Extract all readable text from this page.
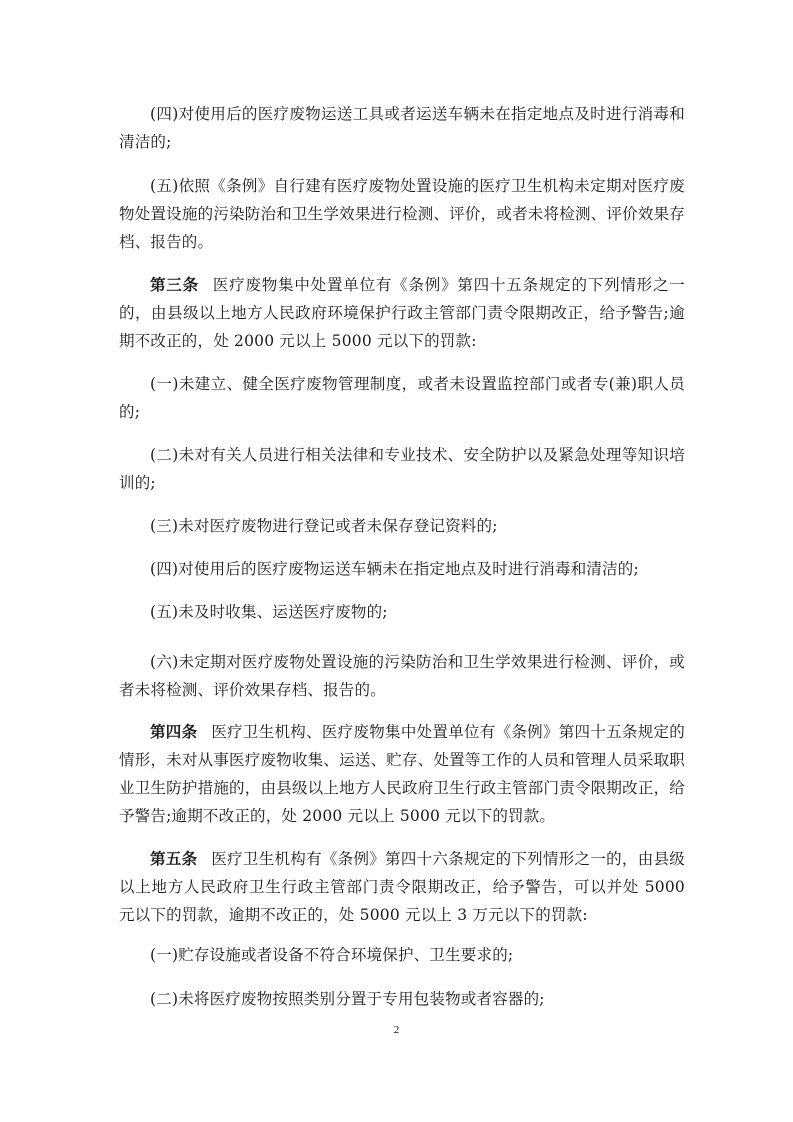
(四)对使用后的医疗废物运送工具或者运送车辆未在指定地点及时进行消毒和清洁的;

(五)依照《条例》自行建有医疗废物处置设施的医疗卫生机构未定期对医疗废物处置设施的污染防治和卫生学效果进行检测、评价，或者未将检测、评价效果存档、报告的。

第三条 医疗废物集中处置单位有《条例》第四十五条规定的下列情形之一的，由县级以上地方人民政府环境保护行政主管部门责令限期改正，给予警告;逾期不改正的，处 2000 元以上 5000 元以下的罚款:

(一)未建立、健全医疗废物管理制度，或者未设置监控部门或者专(兼)职人员的;

(二)未对有关人员进行相关法律和专业技术、安全防护以及紧急处理等知识培训的;

(三)未对医疗废物进行登记或者未保存登记资料的;

(四)对使用后的医疗废物运送车辆未在指定地点及时进行消毒和清洁的;

(五)未及时收集、运送医疗废物的;

(六)未定期对医疗废物处置设施的污染防治和卫生学效果进行检测、评价，或者未将检测、评价效果存档、报告的。

第四条 医疗卫生机构、医疗废物集中处置单位有《条例》第四十五条规定的情形，未对从事医疗废物收集、运送、贮存、处置等工作的人员和管理人员采取职业卫生防护措施的，由县级以上地方人民政府卫生行政主管部门责令限期改正，给予警告;逾期不改正的，处 2000 元以上 5000 元以下的罚款。

第五条 医疗卫生机构有《条例》第四十六条规定的下列情形之一的，由县级以上地方人民政府卫生行政主管部门责令限期改正，给予警告，可以并处 5000 元以下的罚款，逾期不改正的，处 5000 元以上 3 万元以下的罚款:

(一)贮存设施或者设备不符合环境保护、卫生要求的;

(二)未将医疗废物按照类别分置于专用包装物或者容器的;

2
